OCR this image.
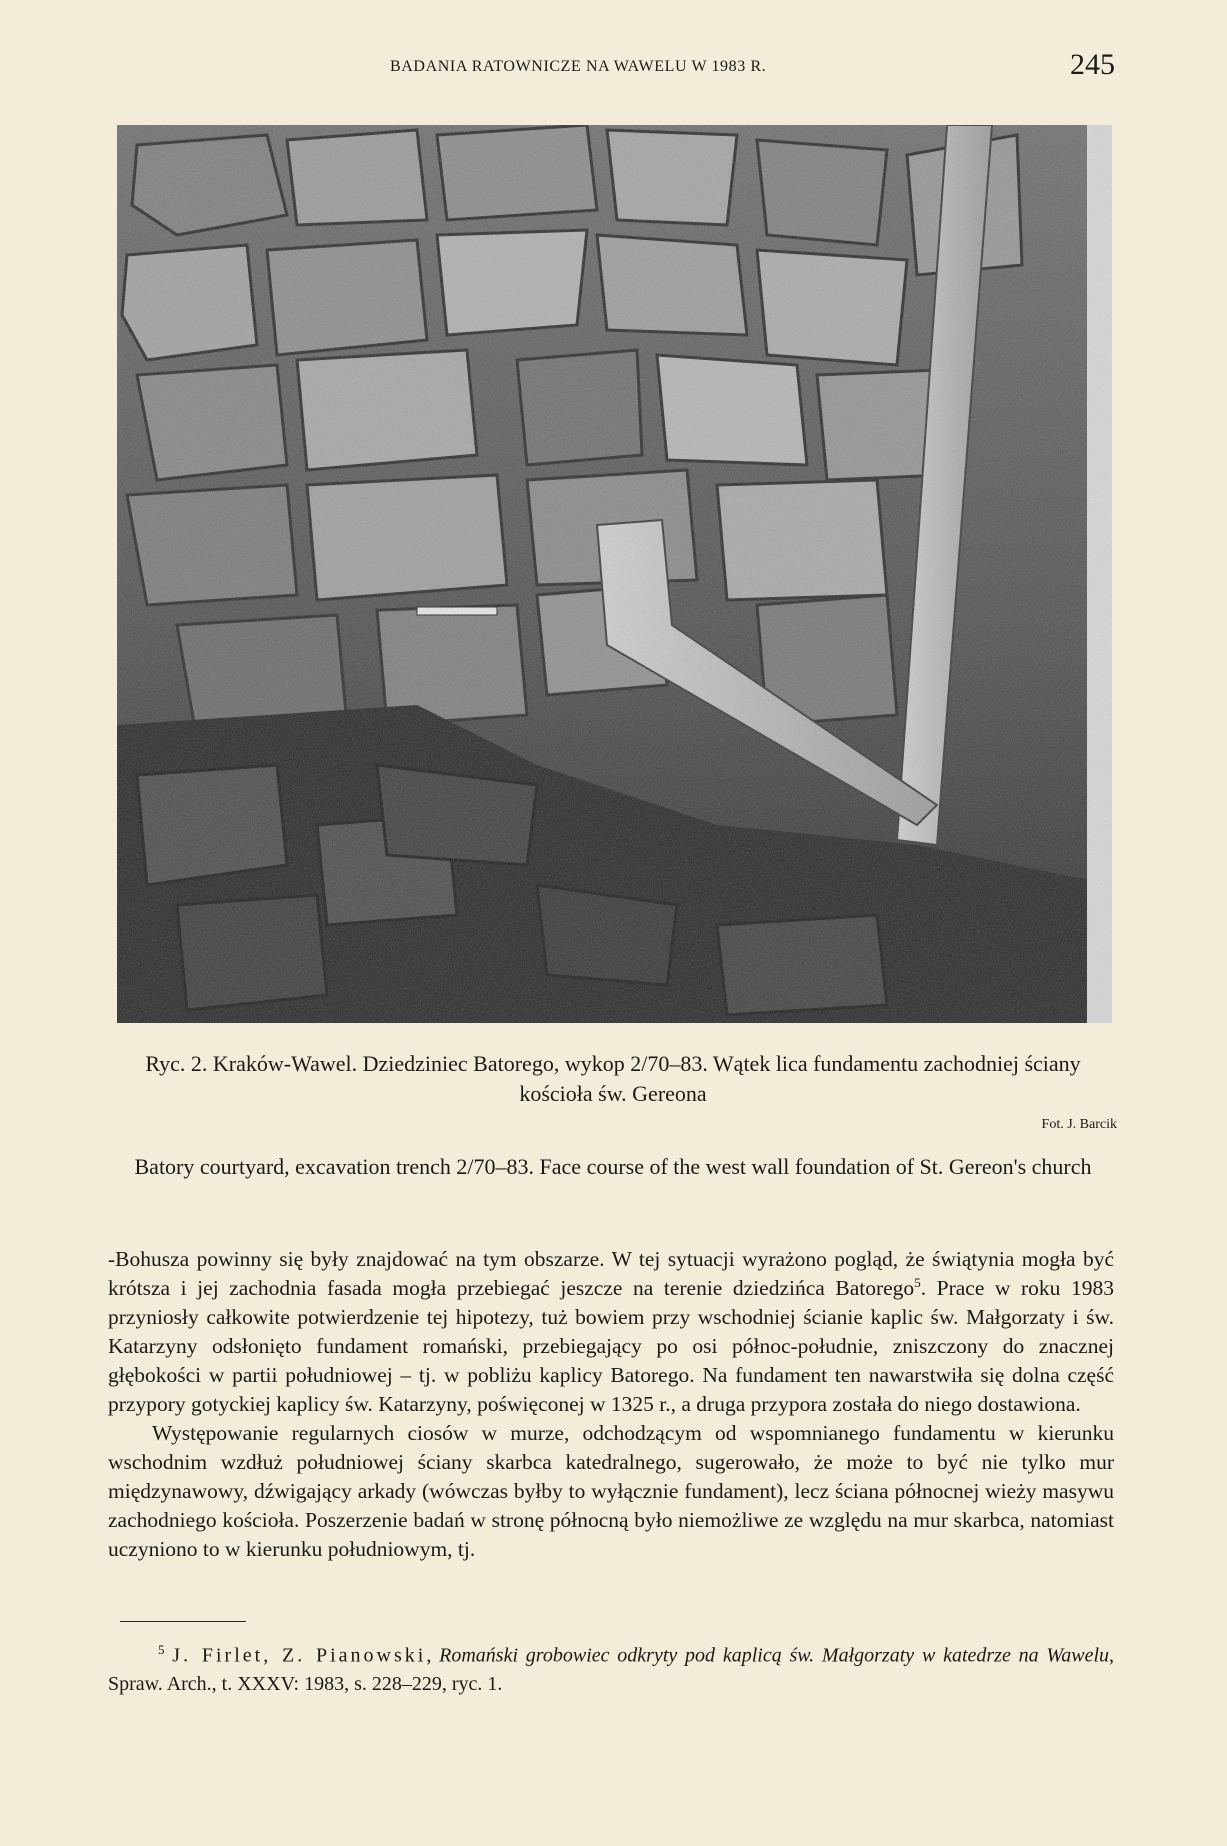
BADANIA RATOWNICZE NA WAWELU W 1983 R.	245
Ryc. 2. Kraków-Wawel. Dziedziniec Batorego, wykop 2/70–83. Wątek lica fundamentu zachodniej ściany kościoła św. Gereona
Fot. J. Barcik
Batory courtyard, excavation trench 2/70–83. Face course of the west wall foundation of St. Gereon's church

-Bohusza powinny się były znajdować na tym obszarze. W tej sytuacji wyrażono pogląd, że świątynia mogła być krótsza i jej zachodnia fasada mogła przebiegać jeszcze na terenie dziedzińca Batorego$^5$. Prace w roku 1983 przyniosły całkowite potwierdzenie tej hipotezy, tuż bowiem przy wschodniej ścianie kaplic św. Małgorzaty i św. Katarzyny odsłonięto fundament romański, przebiegający po osi północ-południe, zniszczony do znacznej głębokości w partii południowej – tj. w pobliżu kaplicy Batorego. Na fundament ten nawarstwiła się dolna część przypory gotyckiej kaplicy św. Katarzyny, poświęconej w 1325 r., a druga przypora została do niego dostawiona.

Występowanie regularnych ciosów w murze, odchodzącym od wspomnianego fundamentu w kierunku wschodnim wzdłuż południowej ściany skarbca katedralnego, sugerowało, że może to być nie tylko mur międzynawowy, dźwigający arkady (wówczas byłby to wyłącznie fundament), lecz ściana północnej wieży masywu zachodniego kościoła. Poszerzenie badań w stronę północną było niemożliwe ze względu na mur skarbca, natomiast uczyniono to w kierunku południowym, tj.

$^5$ J. Firlet, Z. Pianowski, Romański grobowiec odkryty pod kaplicą św. Małgorzaty w katedrze na Wawelu, Spraw. Arch., t. XXXV: 1983, s. 228–229, ryc. 1.
